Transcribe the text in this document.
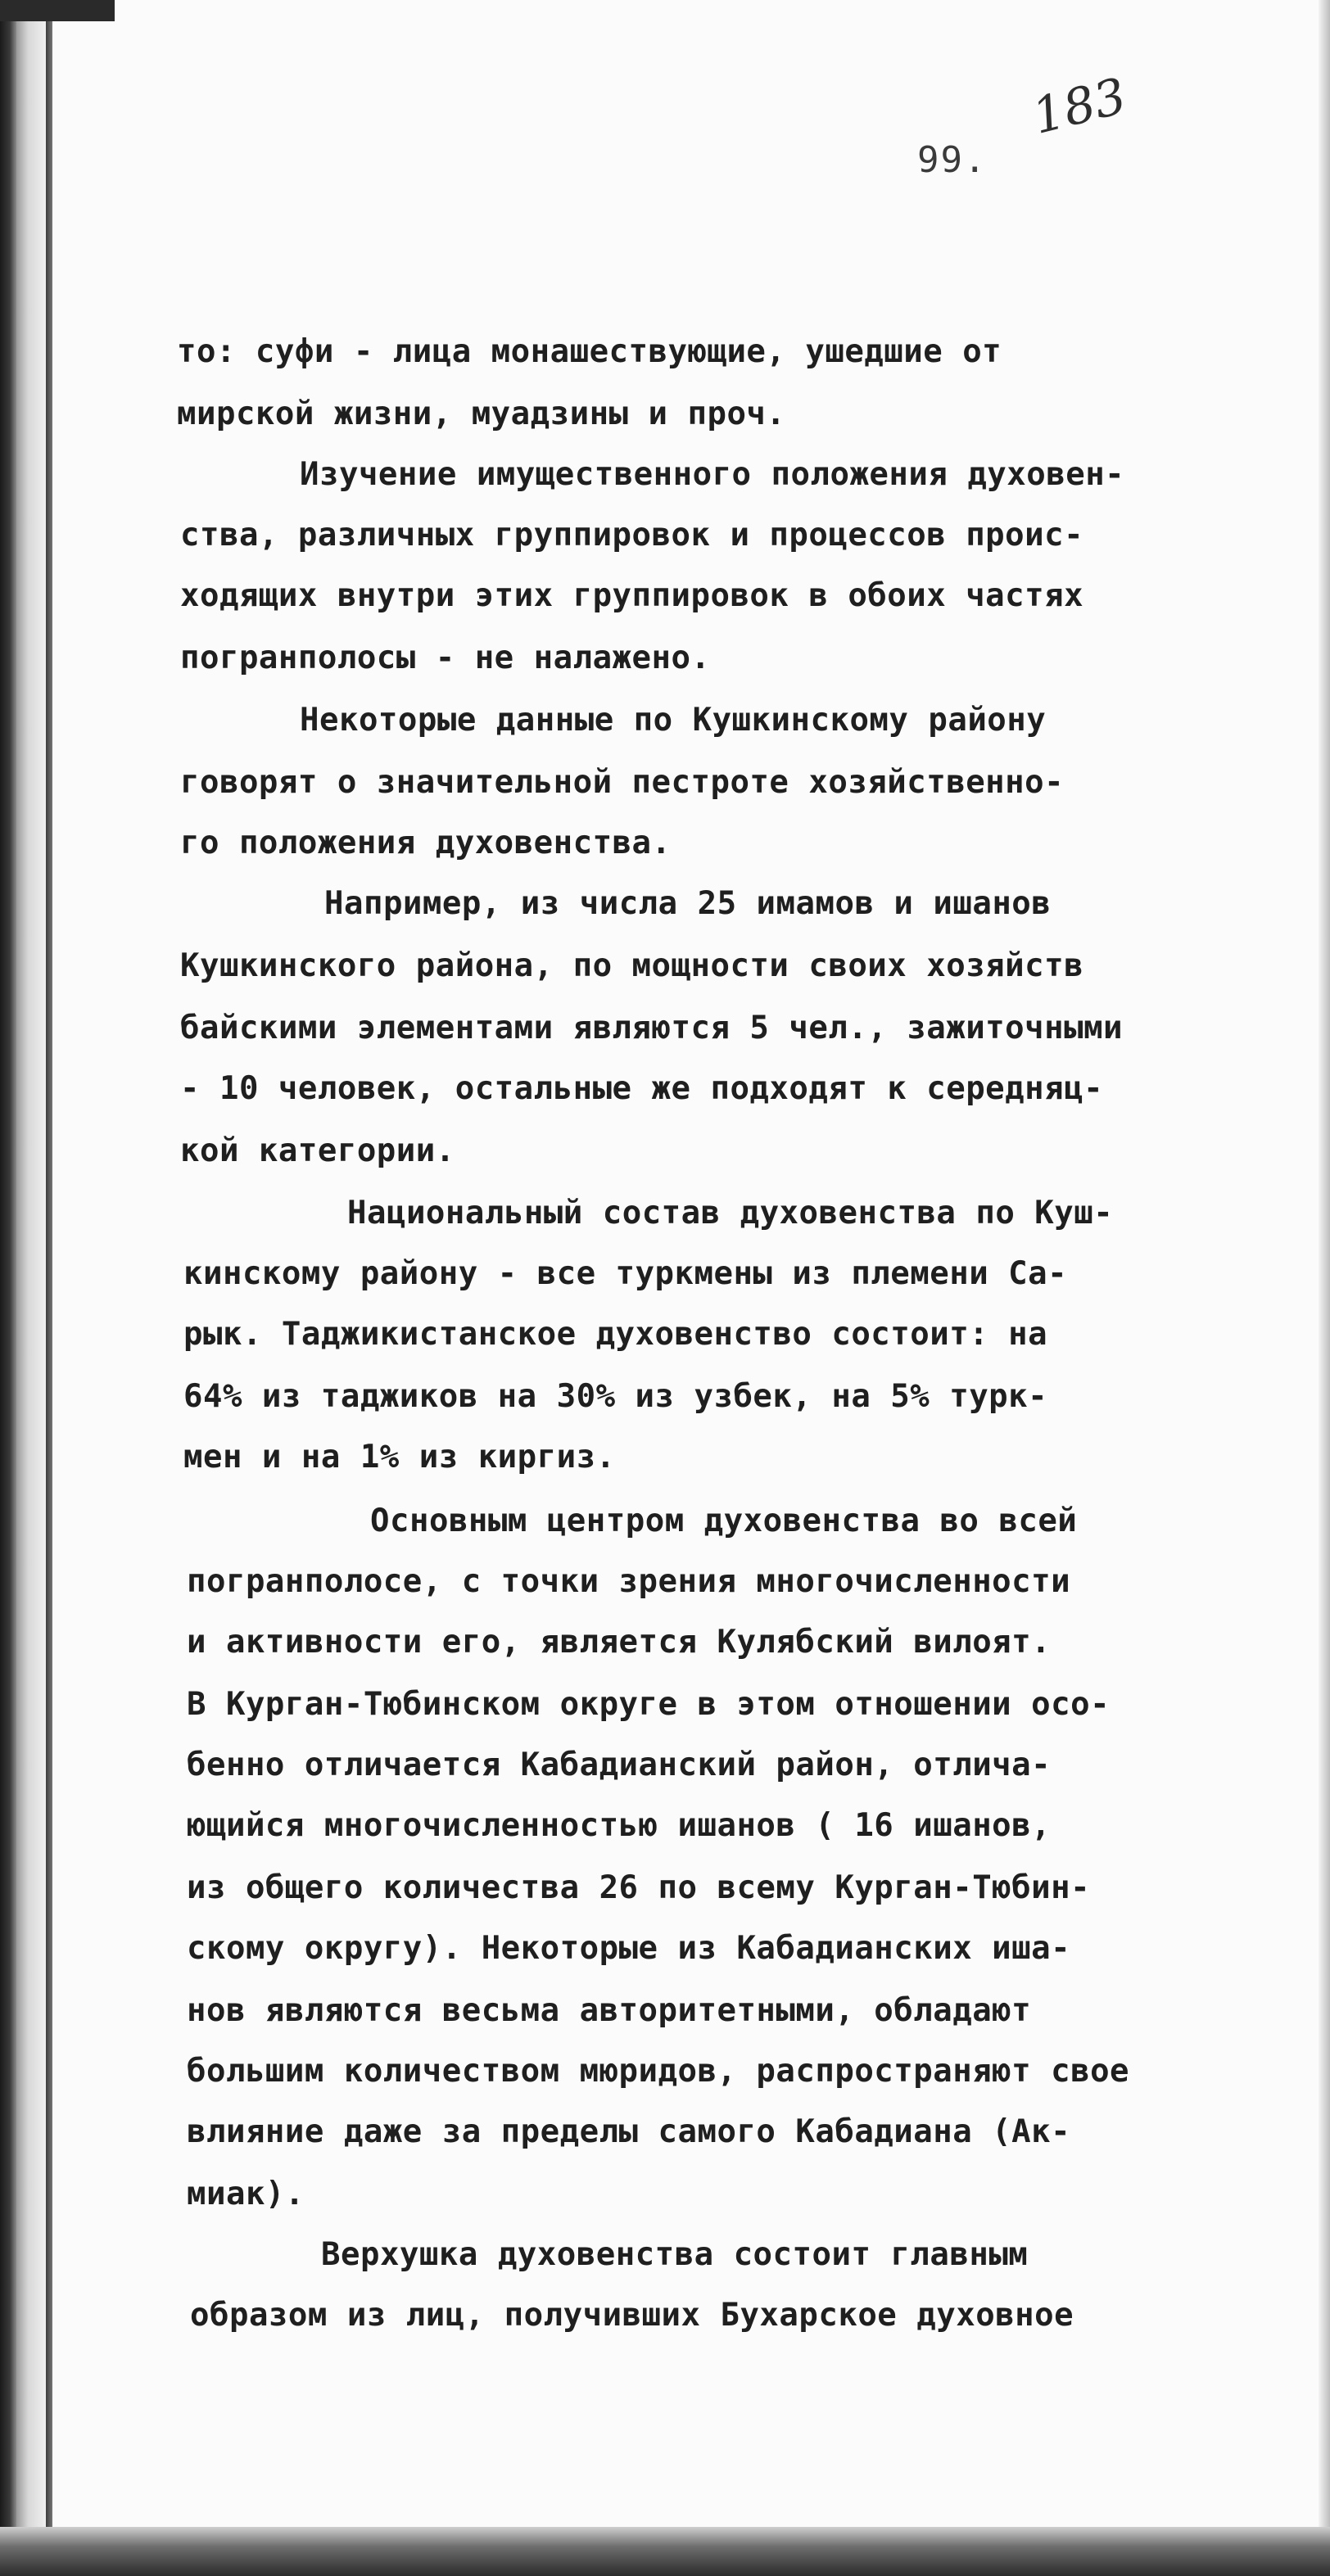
99.
183
то: суфи - лица монашествующие, ушедшие от
мирской жизни, муадзины и проч.
Изучение имущественного положения духовен-
ства, различных группировок и процессов проис-
ходящих внутри этих группировок в обоих частях
погранполосы - не налажено.
Некоторые данные по Кушкинскому району
говорят о значительной пестроте хозяйственно-
го положения духовенства.
Например, из числа 25 имамов и ишанов
Кушкинского района, по мощности своих хозяйств
байскими элементами являются 5 чел., зажиточными
- 10 человек, остальные же подходят к середняц-
кой категории.
Национальный состав духовенства по Куш-
кинскому району - все туркмены из племени Са-
рык. Таджикистанское духовенство состоит: на
64% из таджиков на 30% из узбек, на 5% турк-
мен и на 1% из киргиз.
Основным центром духовенства во всей
погранполосе, с точки зрения многочисленности
и активности его, является Кулябский вилоят.
В Курган-Тюбинском округе в этом отношении осо-
бенно отличается Кабадианский район, отлича-
ющийся многочисленностью ишанов ( 16 ишанов,
из общего количества 26 по всему Курган-Тюбин-
скому округу). Некоторые из Кабадианских иша-
нов являются весьма авторитетными, обладают
большим количеством мюридов, распространяют свое
влияние даже за пределы самого Кабадиана (Ак-
миак).
Верхушка духовенства состоит главным
образом из лиц, получивших Бухарское духовное
